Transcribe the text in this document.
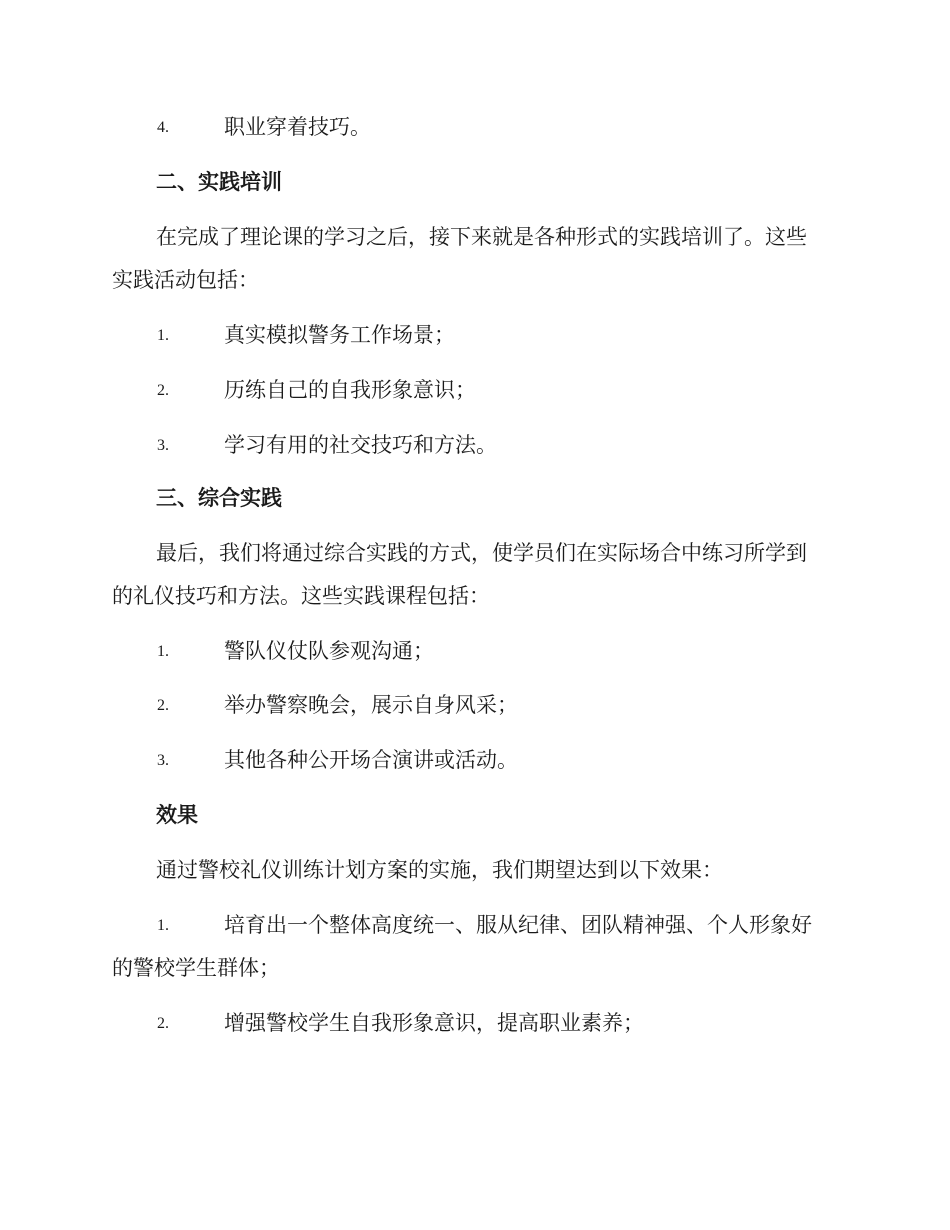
4.	职业穿着技巧。
二、实践培训
在完成了理论课的学习之后，接下来就是各种形式的实践培训了。这些
实践活动包括：
1.	真实模拟警务工作场景；
2.	历练自己的自我形象意识；
3.	学习有用的社交技巧和方法。
三、综合实践
最后，我们将通过综合实践的方式，使学员们在实际场合中练习所学到
的礼仪技巧和方法。这些实践课程包括：
1.	警队仪仗队参观沟通；
2.	举办警察晚会，展示自身风采；
3.	其他各种公开场合演讲或活动。
效果
通过警校礼仪训练计划方案的实施，我们期望达到以下效果：
1.	培育出一个整体高度统一、服从纪律、团队精神强、个人形象好
的警校学生群体；
2.	增强警校学生自我形象意识，提高职业素养；
